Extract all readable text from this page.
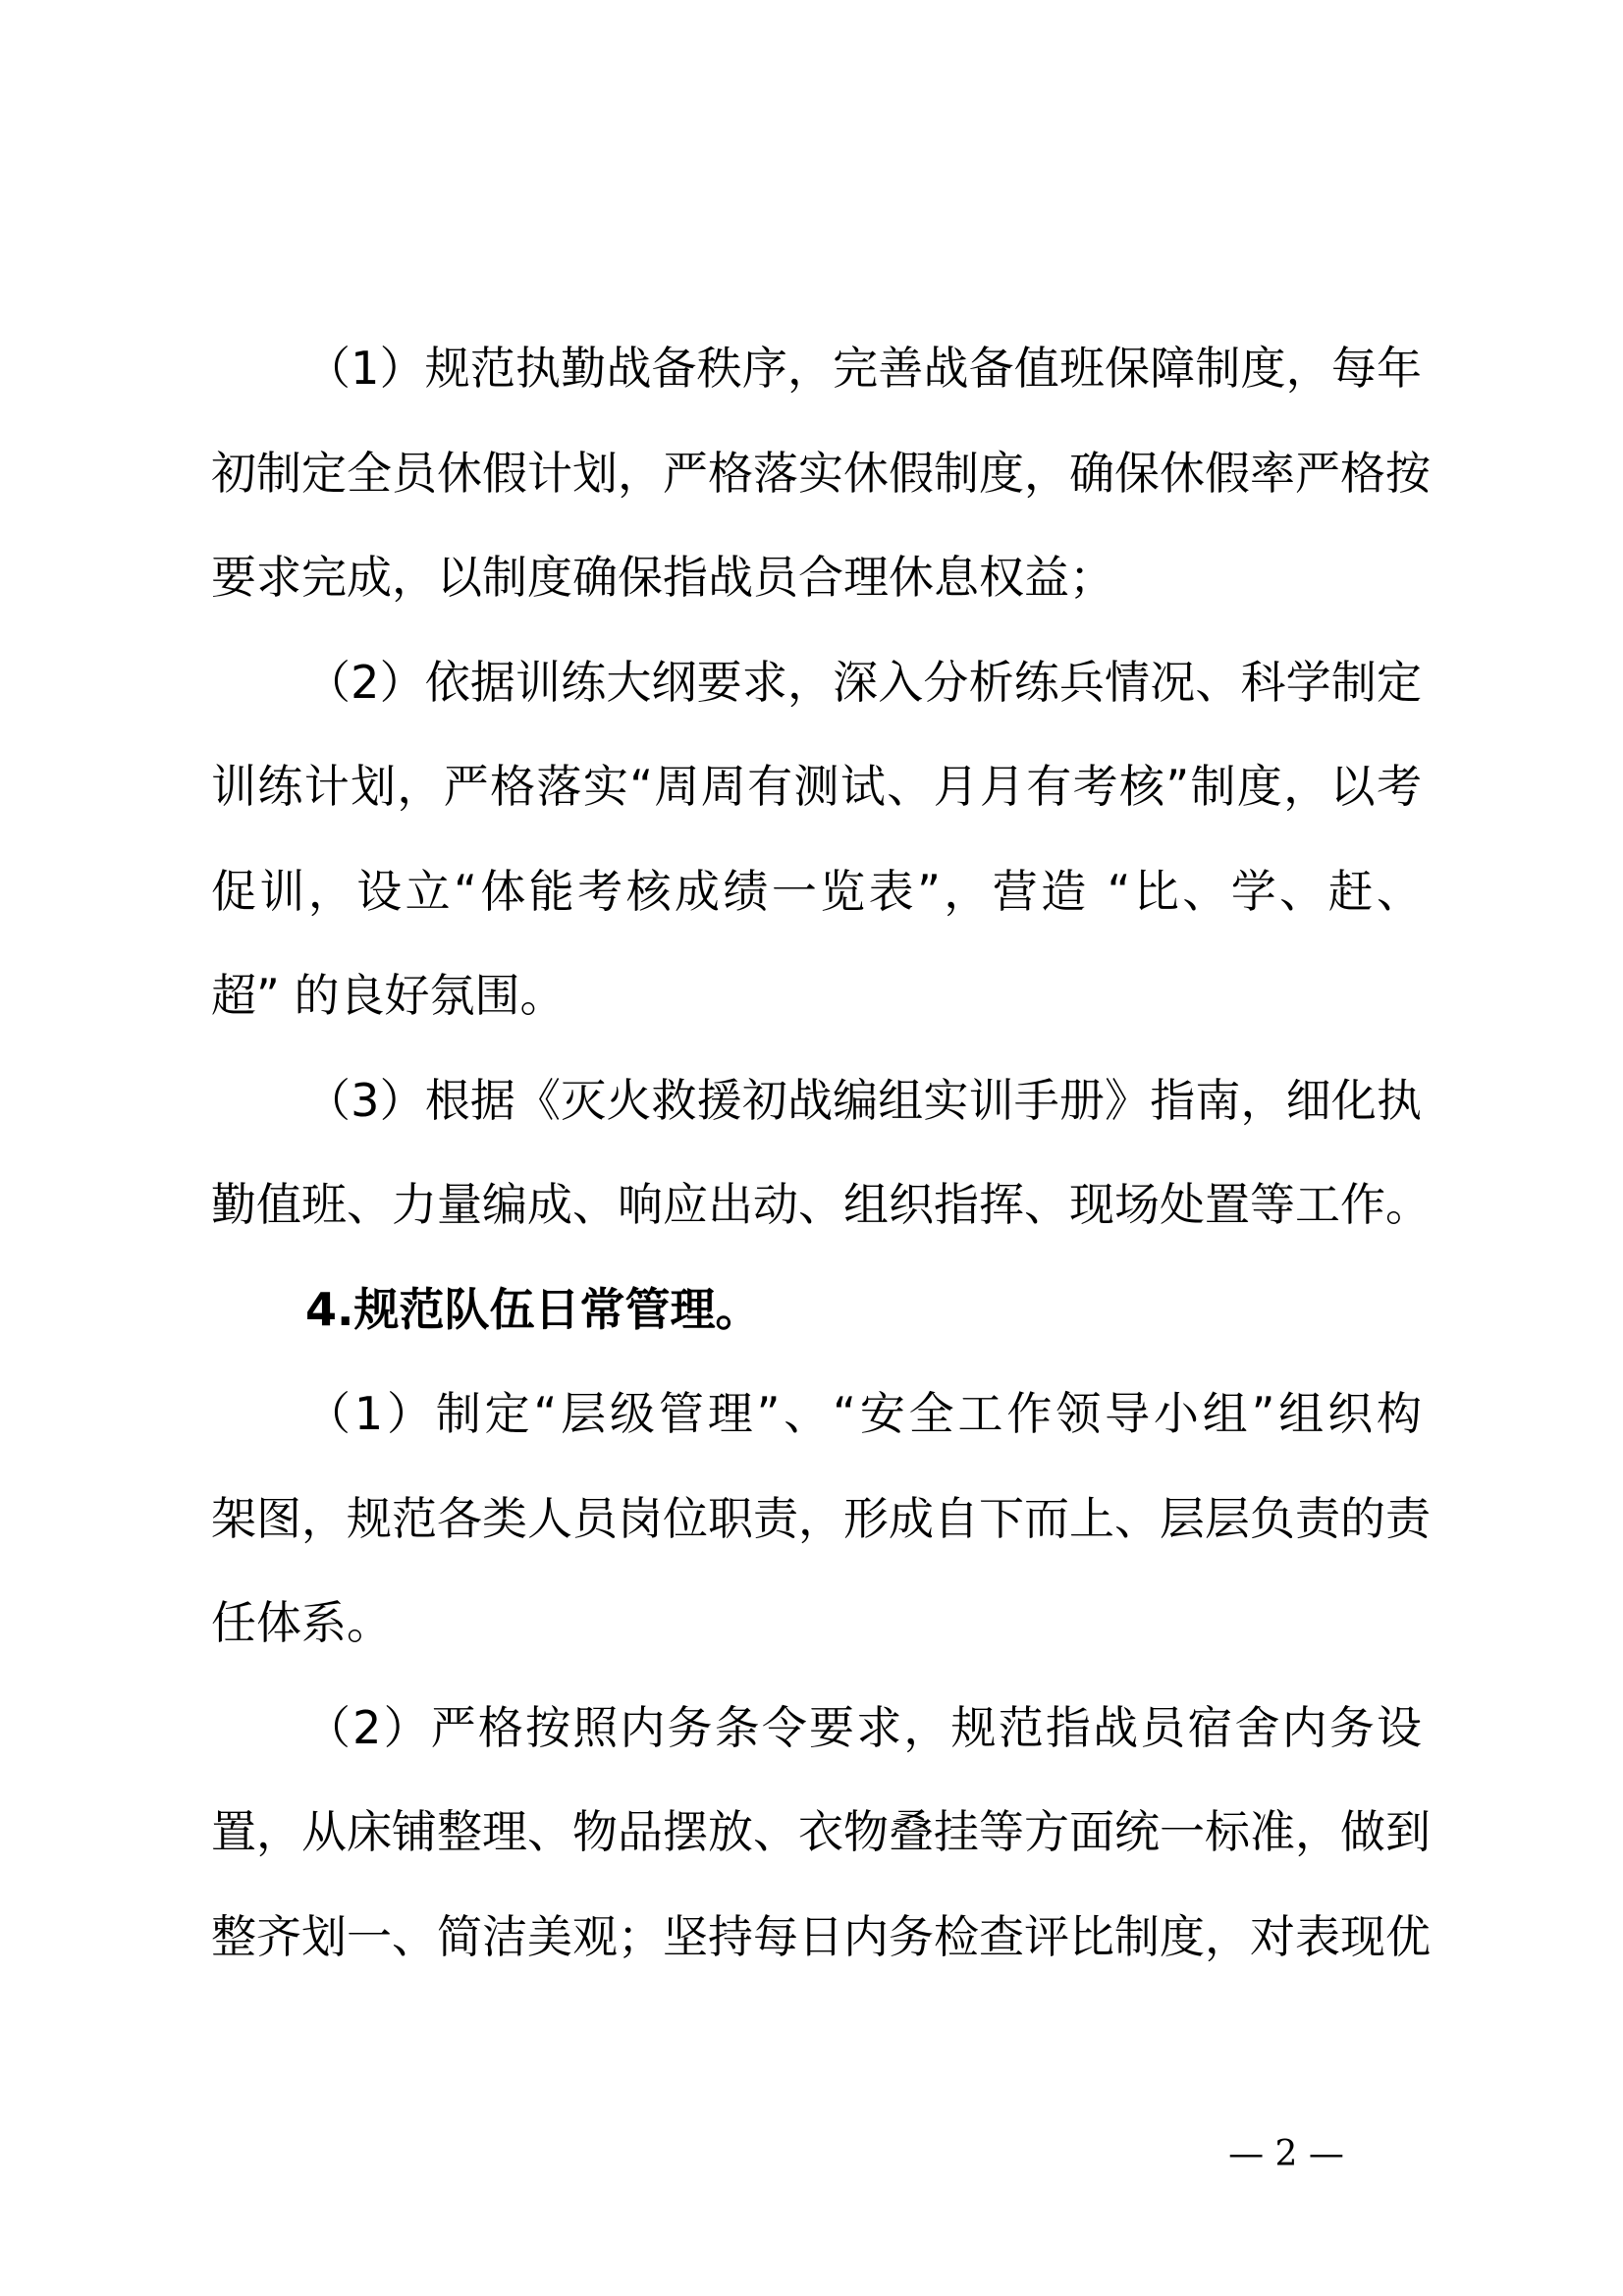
（1）规范执勤战备秩序，完善战备值班保障制度，每年
初制定全员休假计划，严格落实休假制度，确保休假率严格按
要求完成，以制度确保指战员合理休息权益；
（2）依据训练大纲要求，深入分析练兵情况、科学制定
训练计划，严格落实“周周有测试、月月有考核”制度，以考
促训，设立“体能考核成绩一览表”，营造 “比、学、赶、
超” 的良好氛围。
（3）根据《灭火救援初战编组实训手册》指南，细化执
勤值班、力量编成、响应出动、组织指挥、现场处置等工作。
4.规范队伍日常管理。
（1）制定“层级管理”、“安全工作领导小组”组织构
架图，规范各类人员岗位职责，形成自下而上、层层负责的责
任体系。
（2）严格按照内务条令要求，规范指战员宿舍内务设
置，从床铺整理、物品摆放、衣物叠挂等方面统一标准，做到
整齐划一、简洁美观；坚持每日内务检查评比制度，对表现优
— 2 —
